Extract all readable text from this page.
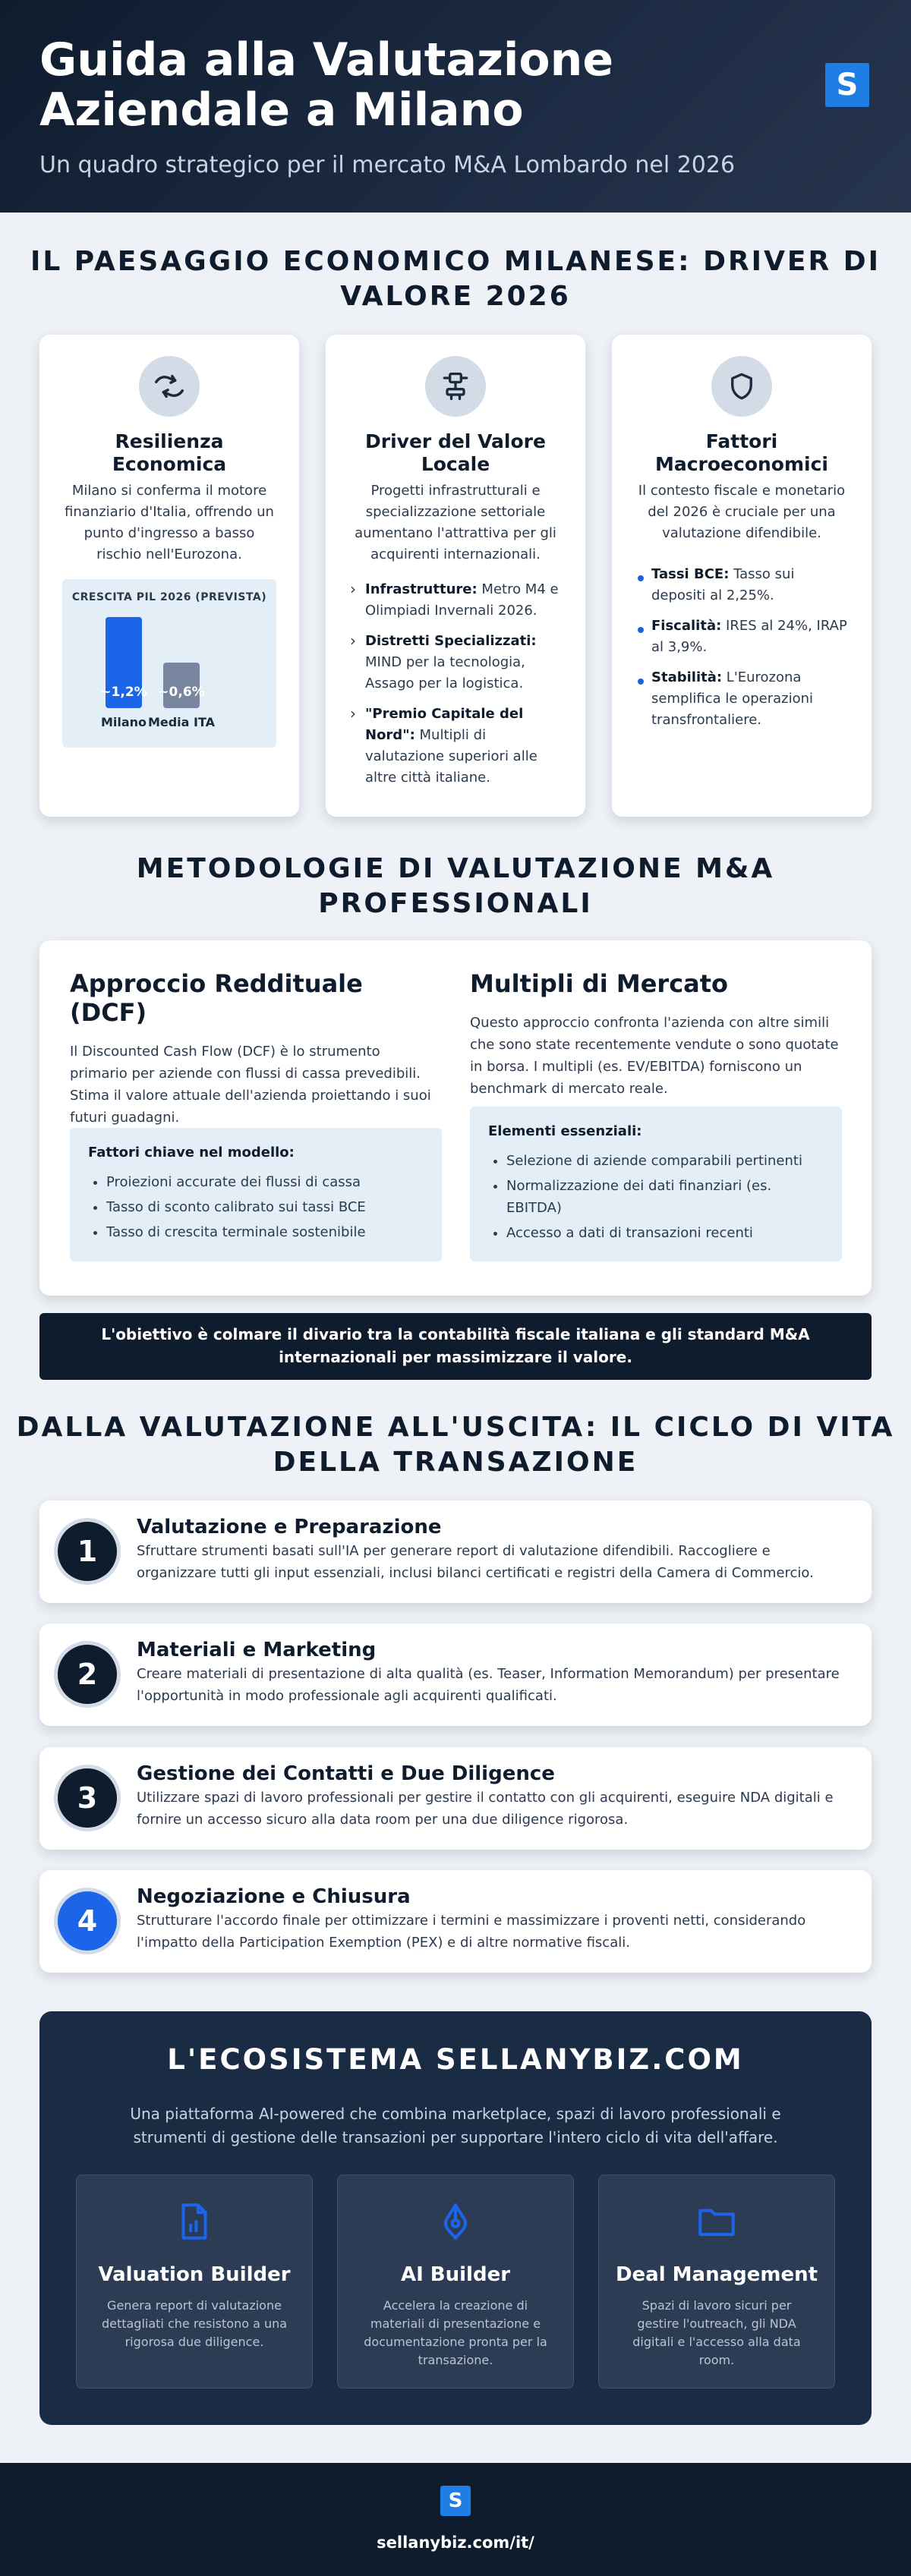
Guida alla Valutazione Aziendale a Milano
Un quadro strategico per il mercato M&A Lombardo nel 2026
S
IL PAESAGGIO ECONOMICO MILANESE: DRIVER DI VALORE 2026
Resilienza Economica

Milano si conferma il motore finanziario d'Italia, offrendo un punto d'ingresso a basso rischio nell'Eurozona.

CRESCITA PIL 2026 (PREVISTA)
~1,2%
Milano
~0,6%
Media ITA
Driver del Valore Locale

Progetti infrastrutturali e specializzazione settoriale aumentano l'attrattiva per gli acquirenti internazionali.

› Infrastrutture: Metro M4 e Olimpiadi Invernali 2026.
› Distretti Specializzati: MIND per la tecnologia, Assago per la logistica.
› "Premio Capitale del Nord": Multipli di valutazione superiori alle altre città italiane.
Fattori Macroeconomici

Il contesto fiscale e monetario del 2026 è cruciale per una valutazione difendibile.

Tassi BCE: Tasso sui depositi al 2,25%.
Fiscalità: IRES al 24%, IRAP al 3,9%.
Stabilità: L'Eurozona semplifica le operazioni transfrontaliere.
METODOLOGIE DI VALUTAZIONE M&A PROFESSIONALI
Approccio Reddituale (DCF)

Il Discounted Cash Flow (DCF) è lo strumento primario per aziende con flussi di cassa prevedibili. Stima il valore attuale dell'azienda proiettando i suoi futuri guadagni.

Fattori chiave nel modello:
• Proiezioni accurate dei flussi di cassa
• Tasso di sconto calibrato sui tassi BCE
• Tasso di crescita terminale sostenibile
Multipli di Mercato

Questo approccio confronta l'azienda con altre simili che sono state recentemente vendute o sono quotate in borsa. I multipli (es. EV/EBITDA) forniscono un benchmark di mercato reale.

Elementi essenziali:
• Selezione di aziende comparabili pertinenti
• Normalizzazione dei dati finanziari (es. EBITDA)
• Accesso a dati di transazioni recenti
L'obiettivo è colmare il divario tra la contabilità fiscale italiana e gli standard M&A internazionali per massimizzare il valore.
DALLA VALUTAZIONE ALL'USCITA: IL CICLO DI VITA DELLA TRANSAZIONE
1
Valutazione e Preparazione

Sfruttare strumenti basati sull'IA per generare report di valutazione difendibili. Raccogliere e organizzare tutti gli input essenziali, inclusi bilanci certificati e registri della Camera di Commercio.

2
Materiali e Marketing

Creare materiali di presentazione di alta qualità (es. Teaser, Information Memorandum) per presentare l'opportunità in modo professionale agli acquirenti qualificati.

3
Gestione dei Contatti e Due Diligence

Utilizzare spazi di lavoro professionali per gestire il contatto con gli acquirenti, eseguire NDA digitali e fornire un accesso sicuro alla data room per una due diligence rigorosa.

4
Negoziazione e Chiusura

Strutturare l'accordo finale per ottimizzare i termini e massimizzare i proventi netti, considerando l'impatto della Participation Exemption (PEX) e di altre normative fiscali.

L'ECOSISTEMA SELLANYBIZ.COM

Una piattaforma AI-powered che combina marketplace, spazi di lavoro professionali e strumenti di gestione delle transazioni per supportare l'intero ciclo di vita dell'affare.

Valuation Builder

Genera report di valutazione dettagliati che resistono a una rigorosa due diligence.

AI Builder

Accelera la creazione di materiali di presentazione e documentazione pronta per la transazione.

Deal Management

Spazi di lavoro sicuri per gestire l'outreach, gli NDA digitali e l'accesso alla data room.

S
sellanybiz.com/it/
